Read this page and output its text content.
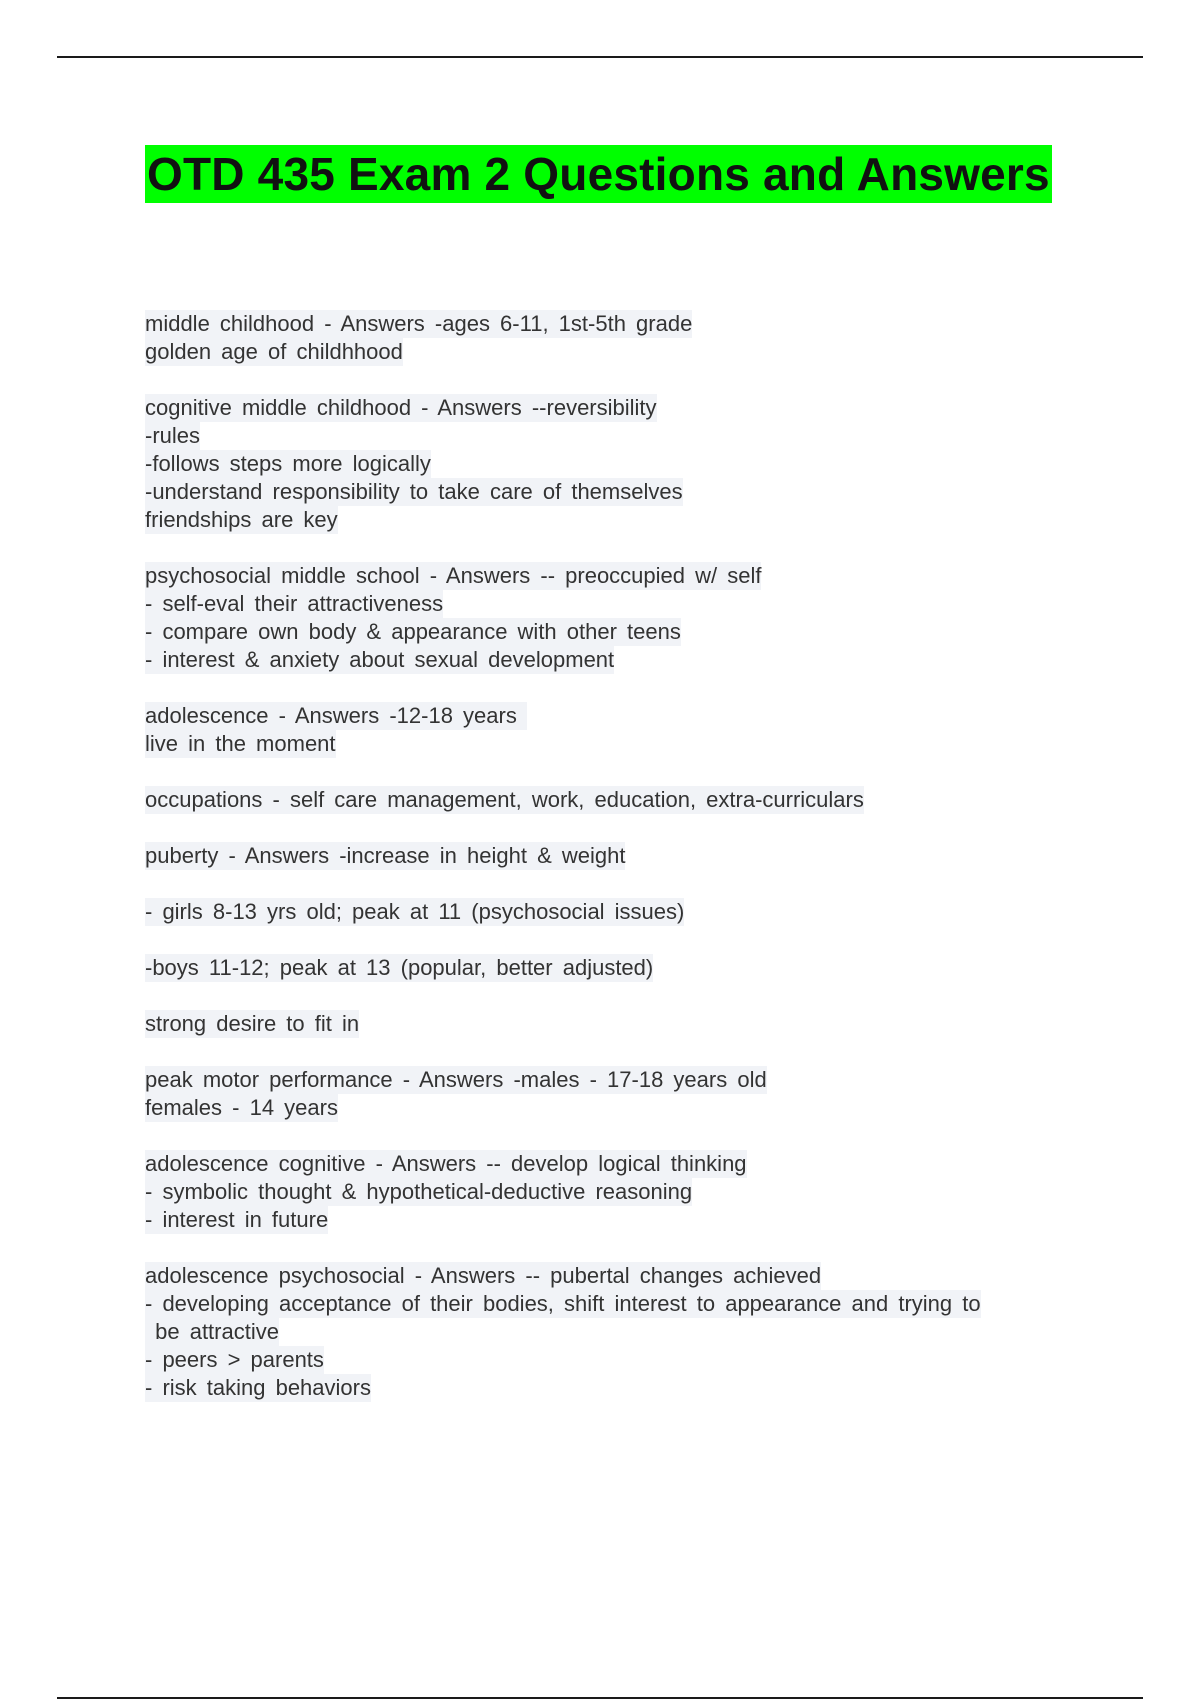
OTD 435 Exam 2 Questions and Answers
middle childhood - Answers -ages 6-11, 1st-5th grade
golden age of childhhood
cognitive middle childhood - Answers --reversibility
-rules
-follows steps more logically
-understand responsibility to take care of themselves
friendships are key
psychosocial middle school - Answers -- preoccupied w/ self
- self-eval their attractiveness
- compare own body & appearance with other teens
- interest & anxiety about sexual development
adolescence - Answers -12-18 years
live in the moment
occupations - self care management, work, education, extra-curriculars
puberty - Answers -increase in height & weight
- girls 8-13 yrs old; peak at 11 (psychosocial issues)
-boys 11-12; peak at 13 (popular, better adjusted)
strong desire to fit in
peak motor performance - Answers -males - 17-18 years old
females - 14 years
adolescence cognitive - Answers -- develop logical thinking
- symbolic thought & hypothetical-deductive reasoning
- interest in future
adolescence psychosocial - Answers -- pubertal changes achieved
- developing acceptance of their bodies, shift interest to appearance and trying to
be attractive
- peers > parents
- risk taking behaviors
